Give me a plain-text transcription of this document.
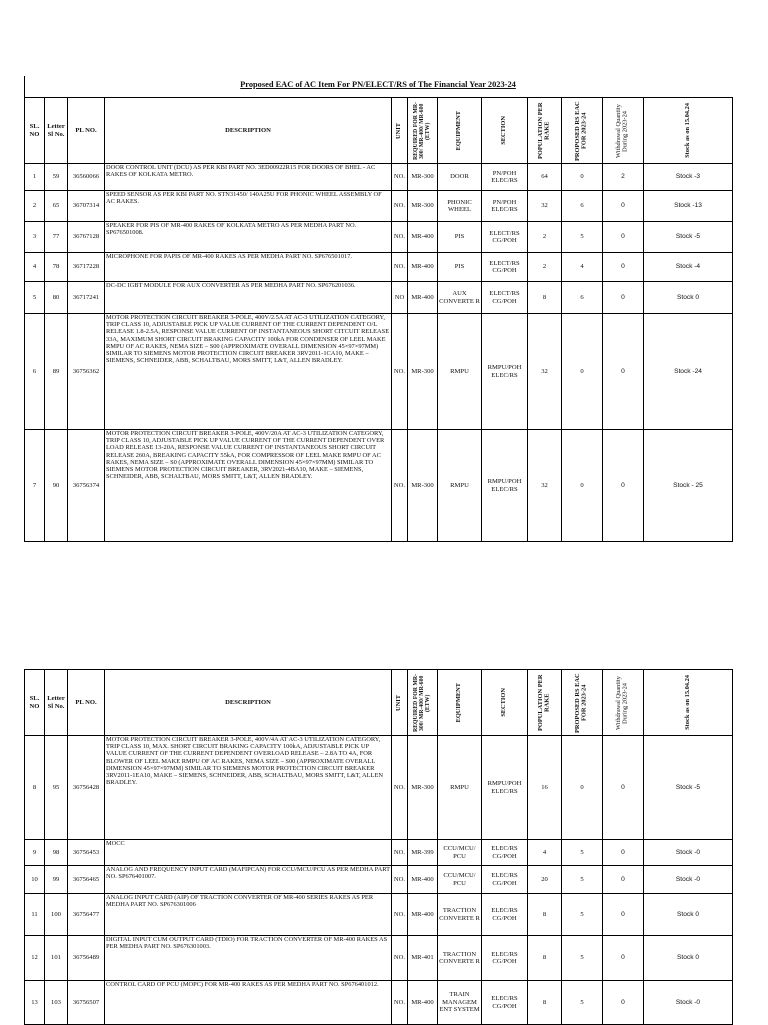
Proposed EAC of AC Item For PN/ELECT/RS of The Financial Year 2023-24
SL. NO	Letter Sl No.	PL NO.	DESCRIPTION	UNIT	REQUIRED FOR MR-300/ MR-400/ MR-600 (ETW)	EQUIPMENT	SECTION	POPULATION PER RAKE	PROPOSED RS EAC FOR 2023-24	Withdrawal Quantity During 2023-24	Stock as on 15.04.24

1	59	36560066	DOOR CONTROL UNIT (DCU) AS PER KBI PART NO. 3ED00922R15 FOR DOORS OF BHEL - AC RAKES OF KOLKATA METRO.	NO.	MR-300	DOOR	PN/POH ELEC/RS	64	0	2	Stock -3
2	65	36707314	SPEED SENSOR AS PER KBI PART NO. STN31450/ 140A25U FOR PHONIC WHEEL ASSEMBLY OF AC RAKES.	NO.	MR-300	PHONIC WHEEL	PN/POH ELEC/RS	32	6	0	Stock -13
3	77	36767128	SPEAKER FOR PIS OF MR-400 RAKES OF KOLKATA METRO AS PER MEDHA PART NO. SP676501008.	NO.	MR-400	PIS	ELECT/RS CG/POH	2	5	0	Stock -5
4	78	36717228	MICROPHONE FOR PAPIS OF MR-400 RAKES AS PER MEDHA PART NO. SP676501017.	NO.	MR-400	PIS	ELECT/RS CG/POH	2	4	0	Stock -4
5	80	36717241	DC-DC IGBT MODULE FOR AUX CONVERTER AS PER MEDHA PART NO. SP676201036.	NO	MR-400	AUX CONVERTE R	ELECT/RS CG/POH	8	6	0	Stock 0
6	89	36756362	MOTOR PROTECTION CIRCUIT BREAKER 3-POLE, 400V/2.5A AT AC-3 UTILIZATION CATEGORY, TRIP CLASS 10, ADJUSTABLE PICK UP VALUE CURRENT OF THE CURRENT DEPENDENT O/L RELEASE 1.8-2.5A, RESPONSE VALUE CURRENT OF INSTANTANEOUS SHORT CITCUIT RELEASE 33A, MAXIMUM SHORT CIRCUIT BRAKING CAPACITY 100kA FOR CONDENSER OF LEEL MAKE RMPU OF AC RAKES, NEMA SIZE – S00 (APPROXIMATE OVERALL DIMENSION 45×97×97MM) SIMILAR TO SIEMENS MOTOR PROTECTION CIRCUIT BREAKER 3RV2011-1CA10, MAKE – SIEMENS, SCHNEIDER, ABB, SCHALTBAU, MORS SMITT, L&T, ALLEN BRADLEY.	NO.	MR-300	RMPU	RMPU/POH ELEC/RS	32	0	0	Stock -24
7	90	36756374	MOTOR PROTECTION CIRCUIT BREAKER 3-POLE, 400V/20A AT AC-3 UTILIZATION CATEGORY, TRIP CLASS 10, ADJUSTABLE PICK UP VALUE CURRENT OF THE CURRENT DEPENDENT OVER LOAD RELEASE 13-20A, RESPONSE VALUE CURRENT OF INSTANTANEOUS SHORT CIRCUIT RELEASE 260A, BREAKING CAPACITY 55kA, FOR COMPRESSOR OF LEEL MAKE RMPU OF AC RAKES, NEMA SIZE – S0 (APPROXIMATE OVERALL DIMENSION 45×97×97MM) SIMILAR TO SIEMENS MOTOR PROTECTION CIRCUIT BREAKER, 3RV2021-4BA10, MAKE – SIEMENS, SCHNEIDER, ABB, SCHALTBAU, MORS SMITT, L&T, ALLEN BRADLEY.	NO.	MR-300	RMPU	RMPU/POH ELEC/RS	32	0	0	Stock - 25
SL. NO	Letter Sl No.	PL NO.	DESCRIPTION	UNIT	REQUIRED FOR MR-300/ MR-400/ MR-600 (ETW)	EQUIPMENT	SECTION	POPULATION PER RAKE	PROPOSED RS EAC FOR 2023-24	Withdrawal Quantity During 2023-24	Stock as on 15.04.24

8	95	36756428	MOTOR PROTECTION CIRCUIT BREAKER 3-POLE, 400V/4A AT AC-3 UTILIZATION CATEGORY, TRIP CLASS 10, MAX. SHORT CIRCUIT BRAKING CAPACITY 100kA, ADJUSTABLE PICK UP VALUE CURRENT OF THE CURRENT DEPENDENT OVERLOAD RELEASE – 2.8A TO 4A, FOR BLOWER OF LEEL MAKE RMPU OF AC RAKES, NEMA SIZE – S00 (APPROXIMATE OVERALL DIMENSION 45×97×97MM) SIMILAR TO SIEMENS MOTOR PROTECTION CIRCUIT BREAKER 3RV2011-1EA10, MAKE – SIEMENS, SCHNEIDER, ABB, SCHALTBAU, MORS SMITT, L&T, ALLEN BRADLEY.	NO.	MR-300	RMPU	RMPU/POH ELEC/RS	16	0	0	Stock -5
9	98	36756453	MOCC	NO.	MR-399	CCU/MCU/ PCU	ELEC/RS CG/POH	4	5	0	Stock -0
10	99	36756465	ANALOG AND FREQUENCY INPUT CARD (MAFIPCAN) FOR CCU/MCU/PCU AS PER MEDHA PART NO. SP676401007.	NO.	MR-400	CCU/MCU/ PCU	ELEC/RS CG/POH	20	5	0	Stock -0
11	100	36756477	ANALOG INPUT CARD (AIP) OF TRACTION CONVERTER OF MR-400 SERIES RAKES AS PER MEDHA PART NO. SP676301006	NO.	MR-400	TRACTION CONVERTE R	ELEC/RS CG/POH	8	5	0	Stock 0
12	101	36756489	DIGITAL INPUT CUM OUTPUT CARD (TDIO) FOR TRACTION CONVERTER OF MR-400 RAKES AS PER MEDHA PART NO. SP676301003.	NO.	MR-401	TRACTION CONVERTE R	ELEC/RS CG/POH	8	5	0	Stock 0
13	103	36756507	CONTROL CARD OF PCU (MOPC) FOR MR-400 RAKES AS PER MEDHA PART NO. SP676401012.	NO.	MR-400	TRAIN MANAGEM ENT SYSTEM	ELEC/RS CG/POH	8	5	0	Stock -0
